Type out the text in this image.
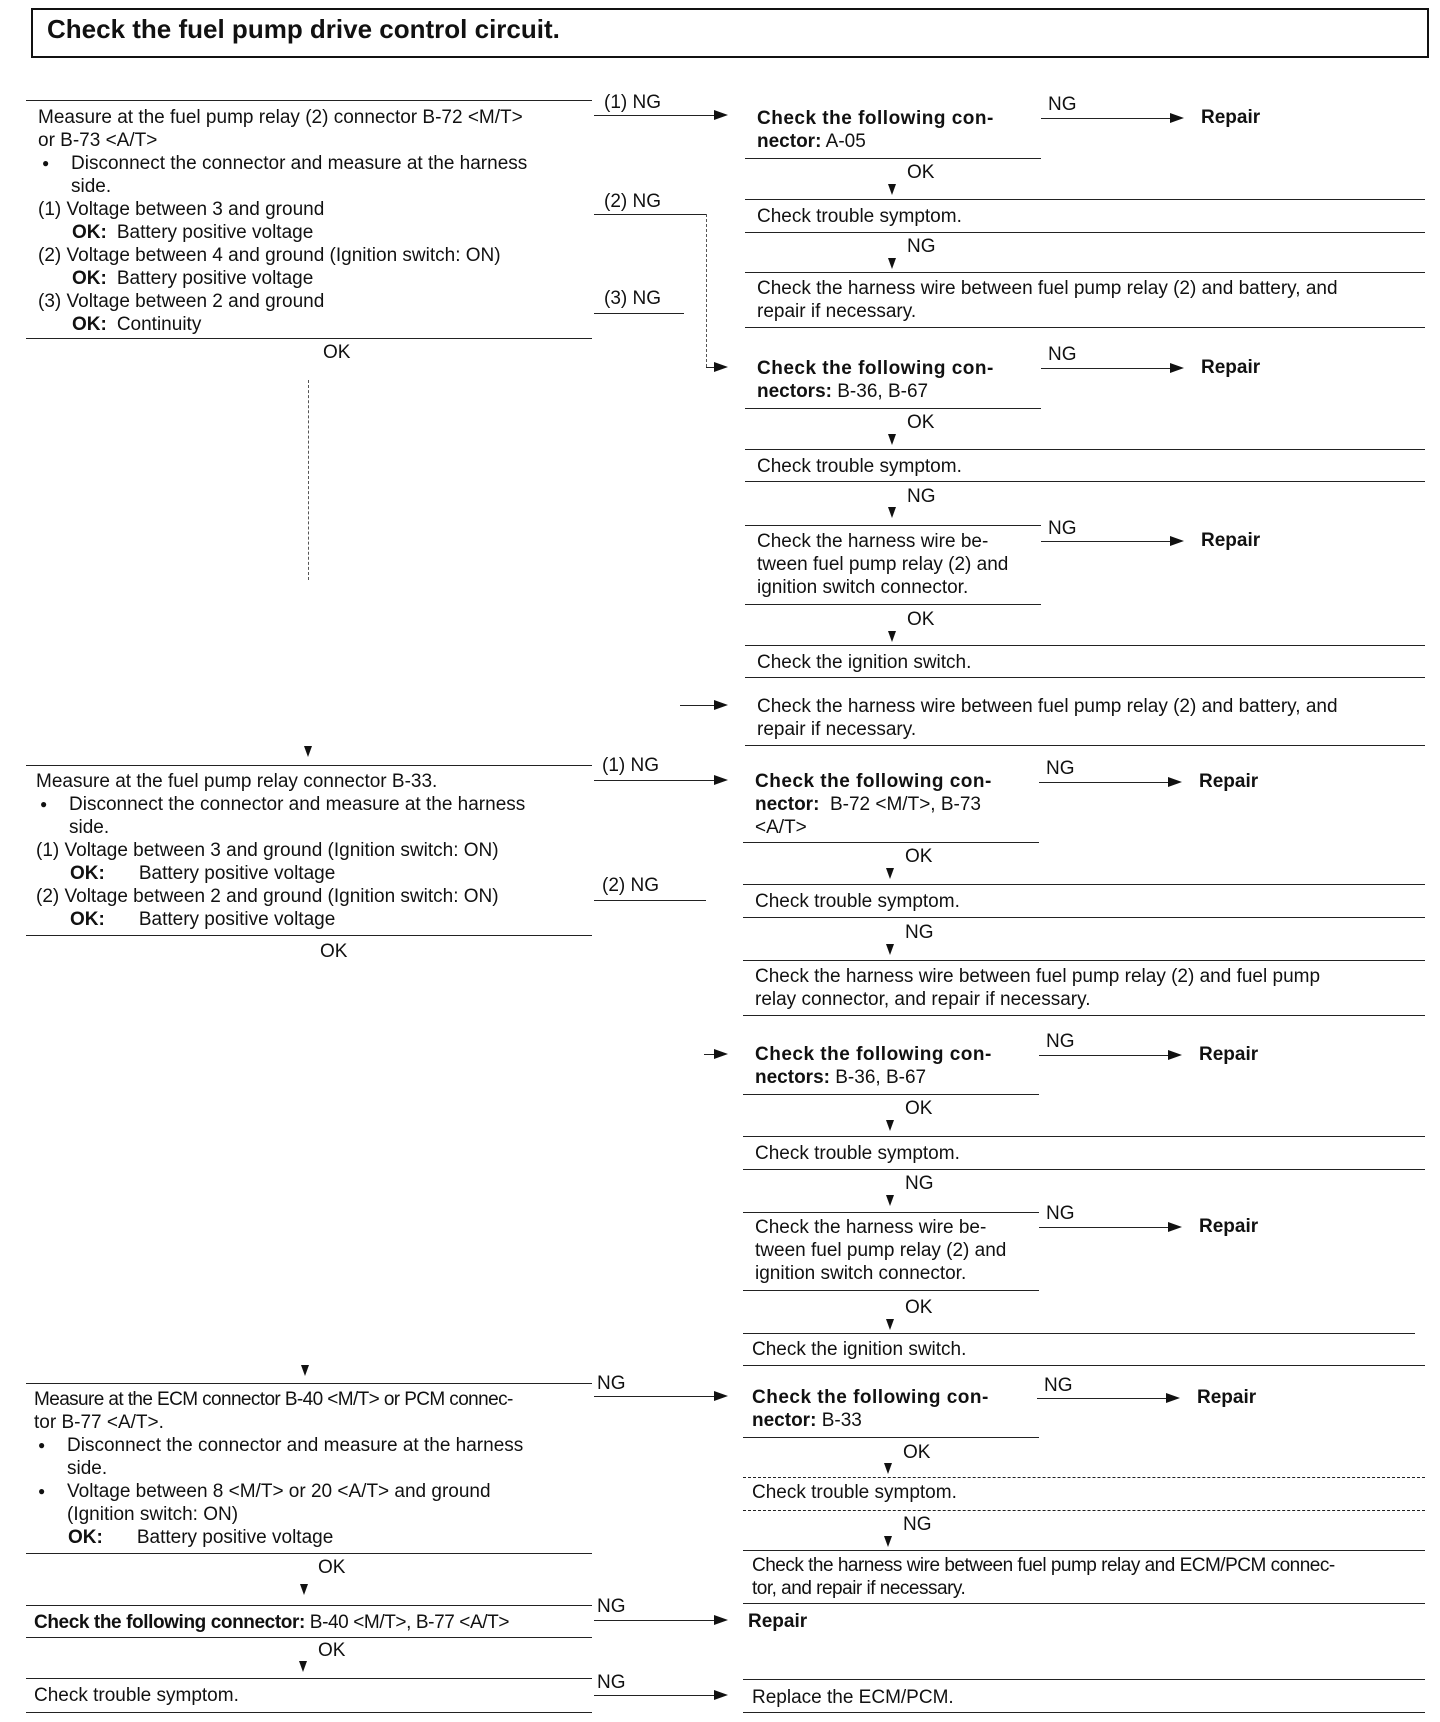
Check the fuel pump drive control circuit.
Measure at the fuel pump relay (2) connector B-72 <M/T>
or B-73 <A/T>
● Disconnect the connector and measure at the harness
side.
(1) Voltage between 3 and ground
OK: Battery positive voltage
(2) Voltage between 4 and ground (Ignition switch: ON)
OK: Battery positive voltage
(3) Voltage between 2 and ground
OK: Continuity
OK
(1) NG
(2) NG
(3) NG
Check the following con-
nector: A-05
NG
Repair
OK
Check trouble symptom.
NG
Check the harness wire between fuel pump relay (2) and battery, and
repair if necessary.
Check the following con-
nectors: B-36, B-67
NG
Repair
OK
Check trouble symptom.
NG
Check the harness wire be-
tween fuel pump relay (2) and
ignition switch connector.
NG
Repair
OK
Check the ignition switch.
Check the harness wire between fuel pump relay (2) and battery, and
repair if necessary.
Measure at the fuel pump relay connector B-33.
● Disconnect the connector and measure at the harness
side.
(1) Voltage between 3 and ground (Ignition switch: ON)
OK: Battery positive voltage
(2) Voltage between 2 and ground (Ignition switch: ON)
OK: Battery positive voltage
OK
(1) NG
(2) NG
Check the following con-
nector: B-72 <M/T>, B-73
<A/T>
NG
Repair
OK
Check trouble symptom.
NG
Check the harness wire between fuel pump relay (2) and fuel pump
relay connector, and repair if necessary.
Check the following con-
nectors: B-36, B-67
NG
Repair
OK
Check trouble symptom.
NG
Check the harness wire be-
tween fuel pump relay (2) and
ignition switch connector.
NG
Repair
OK
Check the ignition switch.
Measure at the ECM connector B-40 <M/T> or PCM connec-
tor B-77 <A/T>.
● Disconnect the connector and measure at the harness
side.
● Voltage between 8 <M/T> or 20 <A/T> and ground
(Ignition switch: ON)
OK: Battery positive voltage
OK
NG
Check the following con-
nector: B-33
NG
Repair
OK
Check trouble symptom.
NG
Check the harness wire between fuel pump relay and ECM/PCM connec-
tor, and repair if necessary.
Check the following connector: B-40 <M/T>, B-77 <A/T>
NG
Repair
OK
Check trouble symptom.
NG
Replace the ECM/PCM.
